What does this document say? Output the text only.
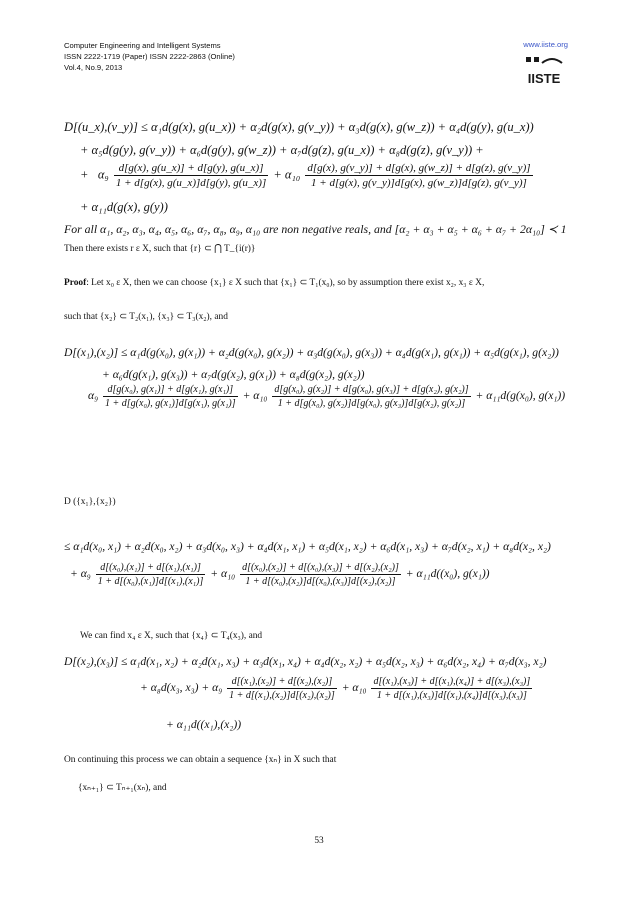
Computer Engineering and Intelligent Systems
ISSN 2222-1719 (Paper) ISSN 2222-2863 (Online)
Vol.4, No.9, 2013
www.iiste.org
IISTE
D[(u_x),(v_y)] ≤ α₁d(g(x), g(u_x)) + α₂d(g(x), g(v_y)) + α₃d(g(x), g(w_z)) + α₄d(g(y), g(u_x))
+ α₅d(g(y), g(v_y)) + α₆d(g(y), g(w_z)) + α₇d(g(z), g(u_x)) + α₈d(g(z), g(v_y)) +
+ $\alpha_9 \frac{d[g(x), g(u\_x)] + d[g(y), g(u\_x)]}{1 + d[g(x), g(u\_x)]d[g(y), g(u\_x)]} + \alpha_{10} \frac{d[g(x), g(v\_y)] + d[g(x), g(w\_z)] + d[g(z), g(v\_y)]}{1 + d[g(x), g(v\_y)]d[g(x), g(w\_z)]d[g(z), g(v\_y)]}$
+ α₁₁d(g(x), g(y))
For all α₁, α₂, α₃, α₄, α₅, α₆, α₇, α₈, α₉, α₁₀ are non negative reals, and [α₂ + α₃ + α₅ + α₆ + α₇ + 2α₁₀] ≺ 1
Then there exists r ε X, such that {r} ⊂ ⋂ T_{i(r)}
Proof: Let x₀ ε X, then we can choose {x₁} ε X such that {x₁} ⊂ T₁(x₀), so by assumption there exist x₂, x₃ ε X,
such that {x₂} ⊂ T₂(x₁), {x₃} ⊂ T₃(x₂), and
D[(x₁),(x₂)] ≤ α₁d(g(x₀), g(x₁)) + α₂d(g(x₀), g(x₂)) + α₃d(g(x₀), g(x₃)) + α₄d(g(x₁), g(x₁)) + α₅d(g(x₁), g(x₂))
+ α₆d(g(x₁), g(x₃)) + α₇d(g(x₂), g(x₁)) + α₈d(g(x₂), g(x₂))
$\alpha_9 \frac{\text{d[g(x₀), g(x₁)] + d[g(x₁), g(x₁)]}}{\text{1 + d[g(x₀), g(x₁)]d[g(x₁), g(x₁)]}} + \alpha_{10} \frac{\text{d[g(x₀), g(x₂)] + d[g(x₀), g(x₃)] + d[g(x₂), g(x₂)]}}{\text{1 + d[g(x₀), g(x₂)]d[g(x₀), g(x₃)]d[g(x₂), g(x₂)]}} + \alpha_{11}d(g(x_0)$, g(x₁))
D ({x₁},{x₂})
≤ α₁d(x₀, x₁) + α₂d(x₀, x₂) + α₃d(x₀, x₃) + α₄d(x₁, x₁) + α₅d(x₁, x₂) + α₆d(x₁, x₃) + α₇d(x₂, x₁) + α₈d(x₂, x₂)
+ $\alpha_9 \frac{\text{d[(x₀),(x₁)] + d[(x₁),(x₁)]}}{\text{1 + d[(x₀),(x₁)]d[(x₁),(x₁)]}} + \alpha_{10} \frac{\text{d[(x₀),(x₂)] + d[(x₀),(x₃)] + d[(x₂),(x₂)]}}{\text{1 + d[(x₀),(x₂)]d[(x₀),(x₃)]d[(x₂),(x₂)]}} + \alpha_{11}d((x_0)$, g(x₁))
We can find x₄ ε X, such that {x₄} ⊂ T₄(x₃), and
D[(x₂),(x₃)] ≤ α₁d(x₁, x₂) + α₂d(x₁, x₃) + α₃d(x₁, x₄) + α₄d(x₂, x₂) + α₅d(x₂, x₃) + α₆d(x₂, x₄) + α₇d(x₃, x₂)
+ α₈d(x₃, $x_3) + \alpha_9 \frac{\text{d[(x₁),(x₂)] + d[(x₂),(x₂)]}}{\text{1 + d[(x₁),(x₂)]d[(x₂),(x₂)]}} + \alpha_{10} \frac{\text{d[(x₁),(x₃)] + d[(x₁),(x₄)] + d[(x₃),(x₃)]}}{\text{1 + d[(x₁),(x₃)]d[(x₁),(x₄)]d[(x₃),(x₃)]}}$
+ α₁₁d((x₁),(x₂))
On continuing this process we can obtain a sequence {xₙ} in X such that
{xₙ₊₁} ⊂ Tₙ₊₁(xₙ), and
53
